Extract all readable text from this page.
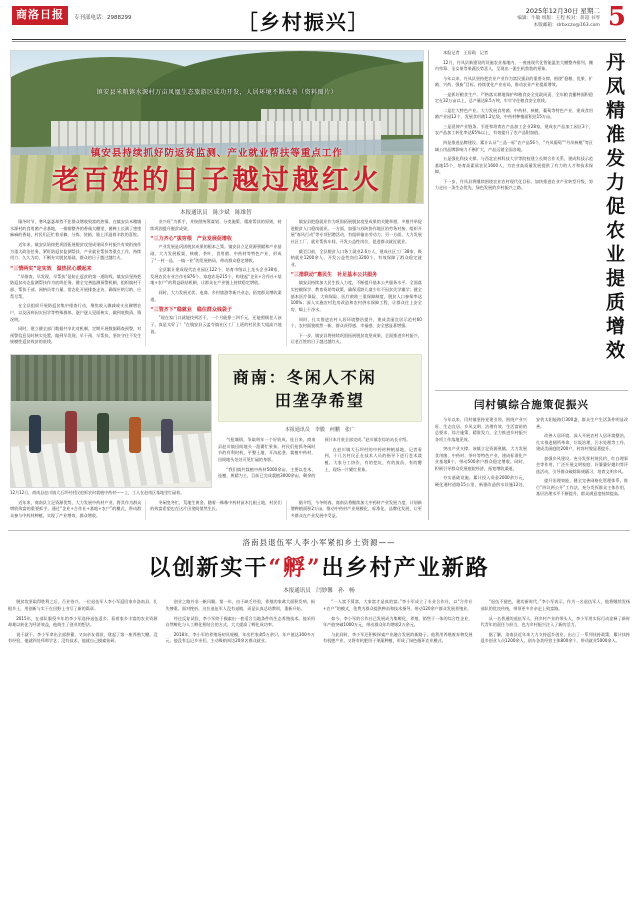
商洛日报	专刊部电话：2988299	［乡村振兴］	2025年12月30日 星期二
编辑：牛敏 组版：王程 校对：蒋超 书琴
本版邮箱：slrbxczx@163.com 5
镇安县米粮镇水源村万亩凤凰生态旅游区成功开发，人居环境不断改善（资料图片）
镇安县持续抓好防返贫监测、产业就业帮扶等重点工作
老百姓的日子越过越红火
本报通讯员　陈少斌　陈维智

隆冬时节，寒风瑟瑟却挡不住群众增收致富的热情。在镇安县米粮镇水源村的食用菌产业基地，一排排整齐的香菇大棚里，菌棒上长满了密密麻麻的香菇，村民们正忙着采摘、分拣、装箱，脸上洋溢着丰收的喜悦。

近年来，镇安县始终把巩固拓展脱贫攻坚成果同乡村振兴有效衔接作为重大政治任务，紧盯防返贫监测帮扶、产业就业帮扶等重点工作，持续用力、久久为功，不断夯实脱贫基础，群众的日子越过越红火。

“三情两实”定实效　温热民心暖起来

“早排查、早发现、早帮扶”是防止返贫的第一道防线。镇安县坚持把防返贫动态监测帮扶作为底线任务，健全完善监测预警机制，组织镇村干部、帮扶干部、网格员等力量，常态化开展排查走访，确保应纳尽纳、应帮尽帮。

在全县组织开展防返贫集中排查行动，聚焦收入骤减或支出骤增农户，以及因病因灾因学等特殊群体，逐户逐人见面核实，做到底数清、情况明。

同时，建立健全部门数据共享比对机制，定期开展数据筛查预警，对预警信息及时核实处置，做到早发现、早干预、早帮扶，坚决守住不发生规模性返贫致贫的底线。

业兴旺”为抓手，并按照统筹谋划、分类施策、精准帮扶的原则，持续巩固提升脱贫成果。

“三力齐心”拔穷根　产业发展促增收

产业发展是巩固脱贫成果的根本之策。镇安县立足资源禀赋和产业基础，大力发展板栗、核桃、茶叶、食用菌、中药材等特色产业，形成了“一村一品、一镇一业”的发展格局，带动群众稳定增收。

全县累计建成现代农业园区122个，培育市级以上龙头企业38家，发展农民专业合作社876个、家庭农场215个，构建起“企业+合作社+基地+农户”的利益联结机制，让群众在产业链上持续稳定增收。

同时，大力发展光伏、电商、乡村旅游等新兴业态，拓宽群众增收渠道。

“三管齐下”稳就业　稳住群众钱袋子

“现在家门口就能找到活干，一个月能挣三四千元，还能照顾老人孩子，真是太好了！”在镇安县云盖寺镇社区工厂上班的村民张大姐高兴地说。

镇安县把稳就业作为巩固拓展脱贫攻坚成果的关键举措，多措并举促进脱贫人口稳岗就业。一方面，加强与苏陕协作地区的劳务对接，组织开展“春风行动”等专项招聘活动，有组织输出劳动力；另一方面，大力发展社区工厂、就业帮扶车间，开发公益性岗位，促进群众就近就业。

截至目前，全县脱贫人口务工就业2.6万人，建成社区工厂38家，吸纳就业1200余人，开发公益性岗位3200个，有效保障了群众稳定就业。

“三措联动”惠民生　补足基本公共服务

镇安县持续加大民生投入力度，不断提升基本公共服务水平。全面落实控辍保学、教育资助等政策，确保适龄儿童少年不因贫失学辍学；健全基本医疗保险、大病保险、医疗救助三重保障制度，脱贫人口参保率达100%；深入实施农村危房改造和农村供水保障工程，让群众住上安全房、喝上干净水。

同时，扎实推进农村人居环境整治提升，建成美丽宜居示范村60个，农村面貌焕然一新，群众获得感、幸福感、安全感显著增强。

下一步，镇安县将持续巩固拓展脱贫攻坚成果，全面推进乡村振兴，让老百姓的日子越过越红火。

12月12日，商南县赵川镇大石坝村村民抢抓农时栽植中药材——上，工人在赵南区基地里忙碌着。
商南：冬闲人不闲     田垄孕希望
本报通讯员　李膜　何鹏　张广

气抢墒情，争取明年一个好收成。连日来，商南县赵川镇田间地头一派繁忙景象。村民们抢抓冬闲时节的有利时机，平整土地、开沟起垄、栽植中药材，田间地头处处可见忙碌的身影。

“我们镇共栽植中药材5000余亩，主要以苍术、连翘、黄精为主，目前已完成栽植3000余亩，剩余的预计本月底全部完成。”赵川镇农综站站长介绍。

在赵川镇大石坝村的中药材种植基地，记者看到，十几名村民正在技术人员的指导下进行苍术栽植。大家分工协作，有的挖坑，有的放苗，有的覆土，现场一片繁忙景象。

近年来，商南县立足资源优势，大力发展中药材产业，将其作为群众增收致富的重要抓手。通过“企业+合作社+基地+农户”的模式，带动群众参与中药材种植，实现了产业增效、群众增收。

冬闲变冬忙，荒地生黄金。随着一株株中药材苗木扎根土地，村民们的致富希望也在这片田垄间悄然生长。

据介绍，今冬明春，商南县将继续加大中药材产业发展力度，计划新增种植面积2万亩，推动中药材产业规模化、标准化、品牌化发展，让更多群众在产业发展中受益。

本报记者　王居勋　记者

12月，丹凤县新建设的设施农业基地内，一座座现代化智能温室大棚整齐排列，棚内草莓、圣女果等果蔬长势喜人，呈现出一派生机勃勃的景象。

今年以来，丹凤县坚持把农业产业作为富民强县的重要支撑，围绕“稳粮、优果、扩菌、兴药、强畜”目标，持续优化产业布局，推动农业产业提质增效。

一是抓好粮食生产。严格落实耕地保护和粮食安全党政同责，全年粮食播种面积稳定在32万亩以上，总产量达8.5万吨，牢牢守住粮食安全底线。

二是壮大特色产业。大力发展食用菌、中药材、核桃、葡萄等特色产业，建成食用菌产业园12个，发展食用菌1.2亿袋，中药材种植面积达15万亩。

三是延伸产业链条。引进和培育农产品加工企业28家，建成农产品加工园区3个，农产品加工转化率达65%以上，有效提升了农产品附加值。

四是推进品牌建设。累计认证“三品一标”农产品56个，“丹凤葡萄”“丹凤核桃”等区域公用品牌影响力不断扩大，产品远销全国各地。

五是强化科技支撑。与西北农林科技大学等院校建立长期合作关系，建成科技示范基地15个，培育高素质农民1600人，为农业高质量发展提供了有力的人才和技术保障。

下一步，丹凤县将继续围绕农业农村现代化目标，加快推进农业产业转型升级，努力走出一条生态优先、绿色发展的乡村振兴之路。	丹凤精准发力促农业提质增效
闫村镇综合施策促振兴

今年以来，闫村镇坚持党建引领，围绕产业兴旺、生态宜居、乡风文明、治理有效、生活富裕的总要求，综合施策、精准发力，全力推进乡村振兴各项工作落地见效。

突出产业支撑。该镇立足资源禀赋，大力发展食用菌、中药材、茶叶等特色产业，建成标准化产业基地8个，带动500余户群众稳定增收。同时，积极引导群众发展庭院经济，拓宽增收渠道。

夯实基础设施。累计投入资金2000余万元，硬化通村道路15公里，新建改造供水设施12处，安装太阳能路灯300盏，群众生产生活条件明显改善。

改善人居环境。深入开展农村人居环境整治，扎实推进厕所革命、垃圾治理、污水处理等工作，建成美丽庭院200户，村容村貌显著提升。

加强乡风建设。充分发挥村规民约、红白理事会等作用，广泛开展文明家庭、好婆婆好媳妇等评选活动，引导群众破除陈规陋习，培育文明乡风。

提升治理效能。健全完善网格化管理体系，推行“四议两公开”工作法，充分发挥群众主体作用，基层治理水平不断提升，群众满意度持续提高。

洛南县退伍军人李小军紧扣乡土资源——
以创新实干“孵”出乡村产业新路
本报通讯员　闫妙馨　孙　畅

脱贫攻坚取得胜利之后，百业待兴。一位退伍军人李小军返回家乡洛南县，扎根乡土，用创新与实干在田野上书写了新的篇章。

2015年，在部队服役多年的李小军选择退伍返乡。看着家乡丰富的农业资源却难以转化为经济效益，他萌生了创业的想法。

说干就干。李小军拿出全部积蓄，又向亲友借款，建起了第一座养殖大棚。没有经验，他就四处拜师学艺；没有技术，他就自己摸索钻研。

创业之路并非一帆风顺。第一年，由于缺乏经验，养殖的家禽大面积发病，损失惨重。面对挫折，这位退伍军人没有退缩，而是认真总结教训，重新开始。

经过反复试验，李小军终于摸索出一套适合当地条件的生态养殖技术。他采用自然孵化与人工孵化相结合的方式，大大提高了孵化成功率。

2018年，李小军的养殖场初具规模，年出栏家禽5万余只，年产值达300多万元。他没有忘记乡亲们，主动吸纳周边20余名群众就业。

“一人富不算富，大家富才是真的富。”李小军成立了专业合作社，以“合作社+农户”的模式，免费为群众提供种苗和技术指导，带动120余户群众发展养殖业。

如今，李小军的合作社已发展成为集孵化、养殖、销售于一体的综合性企业，年产值突破1000万元，带动群众年均增收2万余元。

与此同时，李小军还积极探索产业融合发展的新路子。他利用养殖废弃物发展有机肥产业，又将有机肥用于果蔬种植，形成了绿色循环农业模式。

“退伍不褪色，建功新时代。”李小军表示，作为一名退伍军人，他将继续发扬部队的优良传统，带领更多乡亲走上致富路。

从一名普通的退伍军人，到乡村产业的带头人，李小军用实际行动诠释了新时代青年的责任与担当，也为乡村振兴注入了新的活力。

据了解，洛南县近年来大力支持返乡创业，出台了一系列扶持政策，累计扶持返乡创业人员1200余人，创办各类经营主体800余个，带动就业5000余人。
